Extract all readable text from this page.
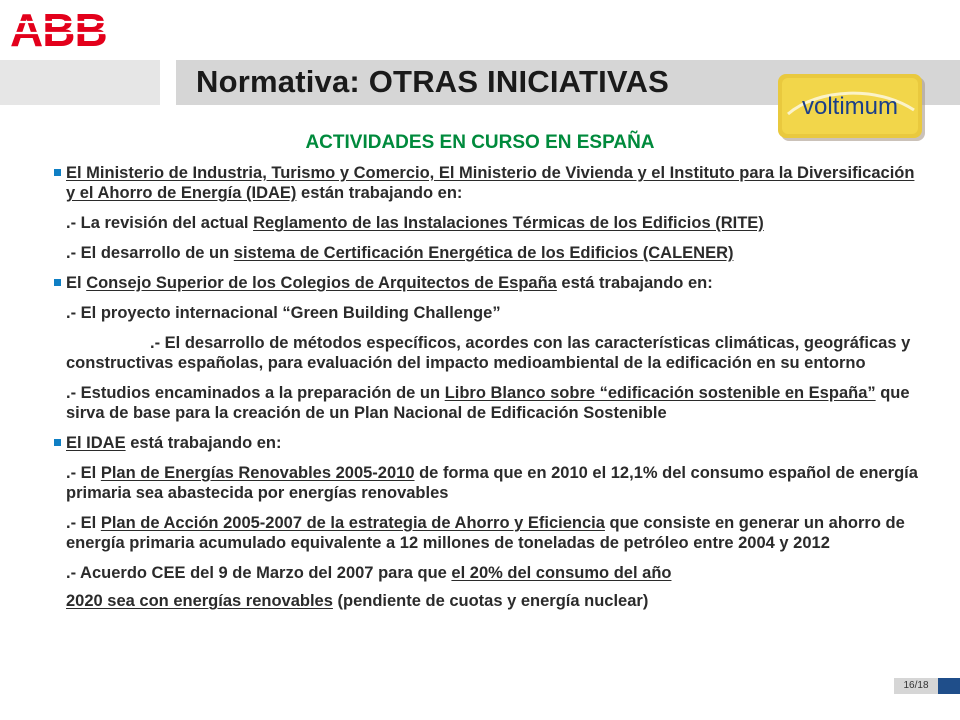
ABB
Normativa: OTRAS INICIATIVAS
voltimum
ACTIVIDADES EN CURSO EN ESPAÑA

El Ministerio de Industria, Turismo y Comercio, El Ministerio de Vivienda y el Instituto para la Diversificación y el Ahorro de Energía (IDAE) están trabajando en:

.- La revisión del actual Reglamento de las Instalaciones Térmicas de los Edificios (RITE)

.- El desarrollo de un sistema de Certificación Energética de los Edificios (CALENER)

El Consejo Superior de los Colegios de Arquitectos de España está trabajando en:

.- El proyecto internacional “Green Building Challenge”

.- El desarrollo de métodos específicos, acordes con las características climáticas, geográficas y constructivas españolas, para evaluación del impacto medioambiental de la edificación en su entorno

.- Estudios encaminados a la preparación de un Libro Blanco sobre “edificación sostenible en España” que sirva de base para la creación de un Plan Nacional de Edificación Sostenible

El IDAE está trabajando en:

.- El Plan de Energías Renovables 2005-2010 de forma que en 2010 el 12,1% del consumo español de energía primaria sea abastecida por energías renovables

.- El Plan de Acción 2005-2007 de la estrategia de Ahorro y Eficiencia que consiste en generar un ahorro de energía primaria acumulado equivalente a 12 millones de toneladas de petróleo entre 2004 y 2012

.- Acuerdo CEE del 9 de Marzo del 2007 para que el 20% del consumo del año

2020 sea con energías renovables (pendiente de cuotas y energía nuclear)

16/18
